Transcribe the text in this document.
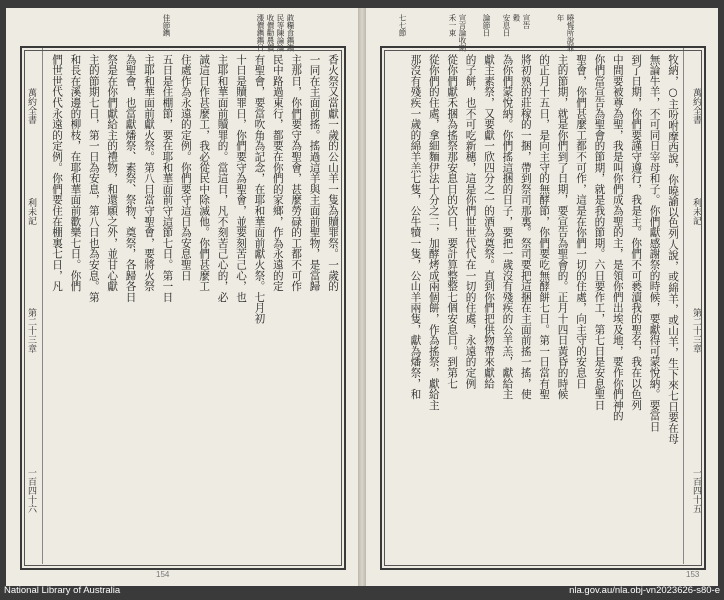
佳節鐫	漲價鐫鐫日 收價勸農價 民等陳論論 敢糧食鐫鐫
萬約全書
利未記
第二十三章
一百四十六
香火祭又當獻一歲的公山羊一隻為贖罪祭。一歲的
一同在主面前搖。搖過這羊與主面前聖物，是當歸
主那日，你們要守為聖會，甚麼勞碌的工都不可作
民中路過東行，都要在你們的家鄉，作為永遠的定
有聖會，要當吹角為記念，在耶和華面前獻火祭。七月初
十日是贖罪日，你們要守為聖會，並要刻苦己心，也
主耶和華面前贖罪的。當這日，凡不刻苦己心的，必
誠這日作甚麼工，我必從民中除滅他。你們甚麼工
住處作為永遠的定例。你們要守這日為安息聖日
五日是住棚節，要在耶和華面前守這節七日。第一日
主耶和華面前獻火祭。第八日當守聖會，要將火祭
為聖會，也當獻燔祭、素祭、祭物、奠祭，各歸各日
祭是在你們獻給主的禮物，和還願之外，並甘心獻
主的節期七日，第一日為安息，第八日也為安息。第
和長在溪邊的柳枝，在耶和華面前歡樂七日。你們
們世世代代永遠的定例。你們要住在棚裏七日，凡
154
曉悔所說罪
年
宣告
穀
安息日
論節日
宣言論收割
禾一束
七七節
萬約全書
利未記
第二十三章
一百四十五
牧納，○主吩咐摩西說，你曉諭以色列人說，或綿羊，或山羊，生下來七日要在母
無論牛羊，不可同日宰母和子。你們獻感謝祭的時候，要獻得可蒙悅納。要當日
到了日期，你們要謹守遵行，我是主。你們不可褻瀆我的聖名，我在以色列
中間要被尊為聖，我是叫你們成為聖的主，是領你們出埃及地，要作你們神的
你們當宣告為聖會的節期，就是我的節期。六日要作工，第七日是安息聖日
聖會，你們甚麼工都不可作，這是在你們一切的住處，向主守的安息日
主的節期，就是你們到了日期，要宣告為聖會的。正月十四日黃昏的時候
的正月十五日，是向主守的無酵節，你們要吃無酵餅七日。第一日當有聖
將初熟的莊稼的一捆，帶到祭司那裏。祭司要把這捆在主面前搖一搖，使
為你們蒙悅納。你們搖這捆的日子，要把一歲沒有殘疾的公羊羔，獻給主
獻主素祭，又要獻一欣四分之一的酒為奠祭。直到你們把供物帶來獻給
的子餅，也不可吃新穗，這是你們世世代代在一切的住處，永遠的定例
從你們獻禾捆為搖祭那安息日的次日，要計算整整七個安息日。到第七
從你們的住處，拿細麵伊法十分之二，加酵烤成兩個餅，作為搖祭，獻給主
那沒有殘疾一歲的綿羊羔七隻，公牛犢一隻，公山羊兩隻，獻為燔祭，和
153
National Library of Australia	nla.gov.au/nla.obj-vn2023626-s80-e
